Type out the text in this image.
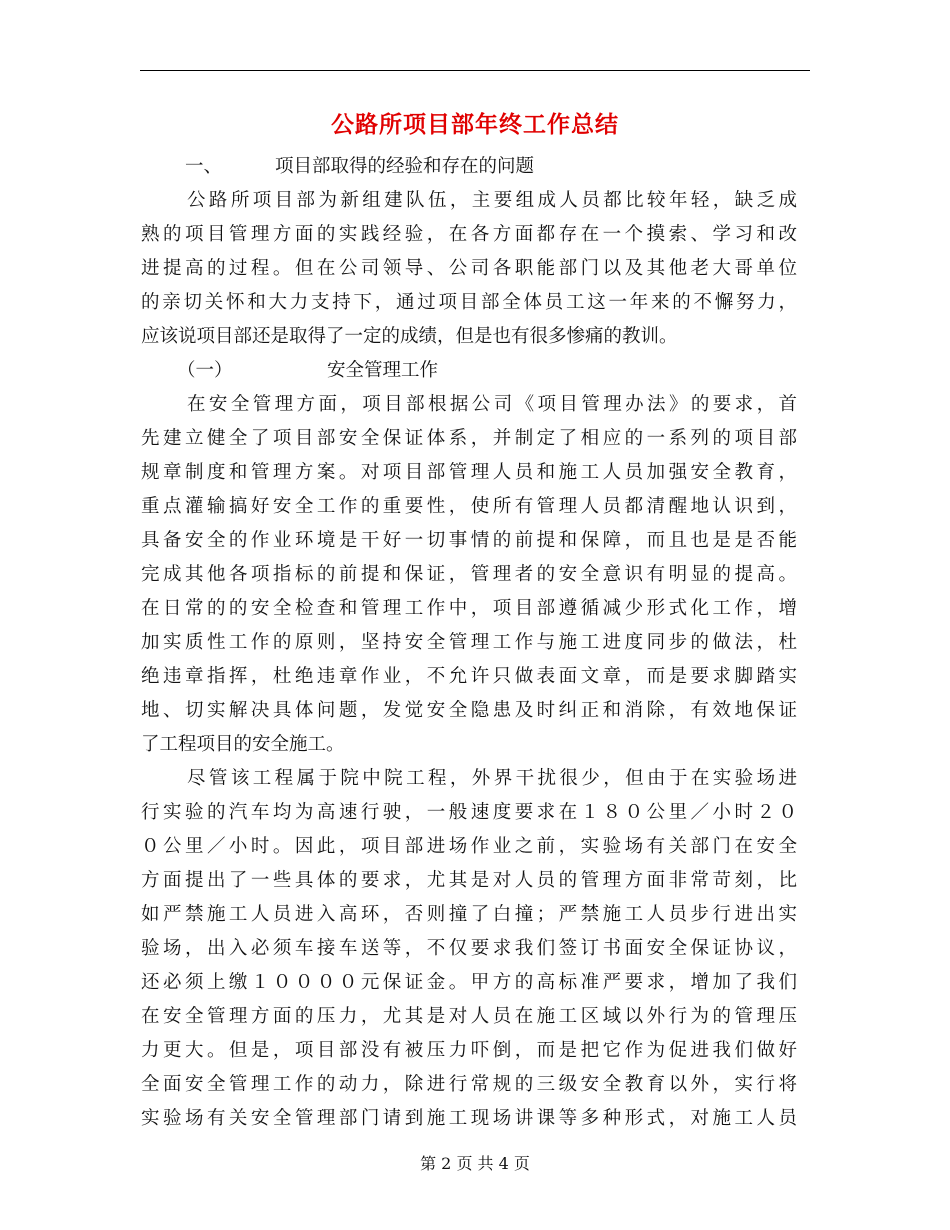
公路所项目部年终工作总结
一、	项目部取得的经验和存在的问题
公路所项目部为新组建队伍，主要组成人员都比较年轻，缺乏成
熟的项目管理方面的实践经验，在各方面都存在一个摸索、学习和改
进提高的过程。但在公司领导、公司各职能部门以及其他老大哥单位
的亲切关怀和大力支持下，通过项目部全体员工这一年来的不懈努力，
应该说项目部还是取得了一定的成绩，但是也有很多惨痛的教训。
（一）	安全管理工作
在安全管理方面，项目部根据公司《项目管理办法》的要求，首
先建立健全了项目部安全保证体系，并制定了相应的一系列的项目部
规章制度和管理方案。对项目部管理人员和施工人员加强安全教育，
重点灌输搞好安全工作的重要性，使所有管理人员都清醒地认识到，
具备安全的作业环境是干好一切事情的前提和保障，而且也是是否能
完成其他各项指标的前提和保证，管理者的安全意识有明显的提高。
在日常的的安全检查和管理工作中，项目部遵循减少形式化工作，增
加实质性工作的原则，坚持安全管理工作与施工进度同步的做法，杜
绝违章指挥，杜绝违章作业，不允许只做表面文章，而是要求脚踏实
地、切实解决具体问题，发觉安全隐患及时纠正和消除，有效地保证
了工程项目的安全施工。
尽管该工程属于院中院工程，外界干扰很少，但由于在实验场进
行实验的汽车均为高速行驶，一般速度要求在１８０公里／小时２０
０公里／小时。因此，项目部进场作业之前，实验场有关部门在安全
方面提出了一些具体的要求，尤其是对人员的管理方面非常苛刻，比
如严禁施工人员进入高环，否则撞了白撞；严禁施工人员步行进出实
验场，出入必须车接车送等，不仅要求我们签订书面安全保证协议，
还必须上缴１００００元保证金。甲方的高标准严要求，增加了我们
在安全管理方面的压力，尤其是对人员在施工区域以外行为的管理压
力更大。但是，项目部没有被压力吓倒，而是把它作为促进我们做好
全面安全管理工作的动力，除进行常规的三级安全教育以外，实行将
实验场有关安全管理部门请到施工现场讲课等多种形式，对施工人员
第 2 页 共 4 页
